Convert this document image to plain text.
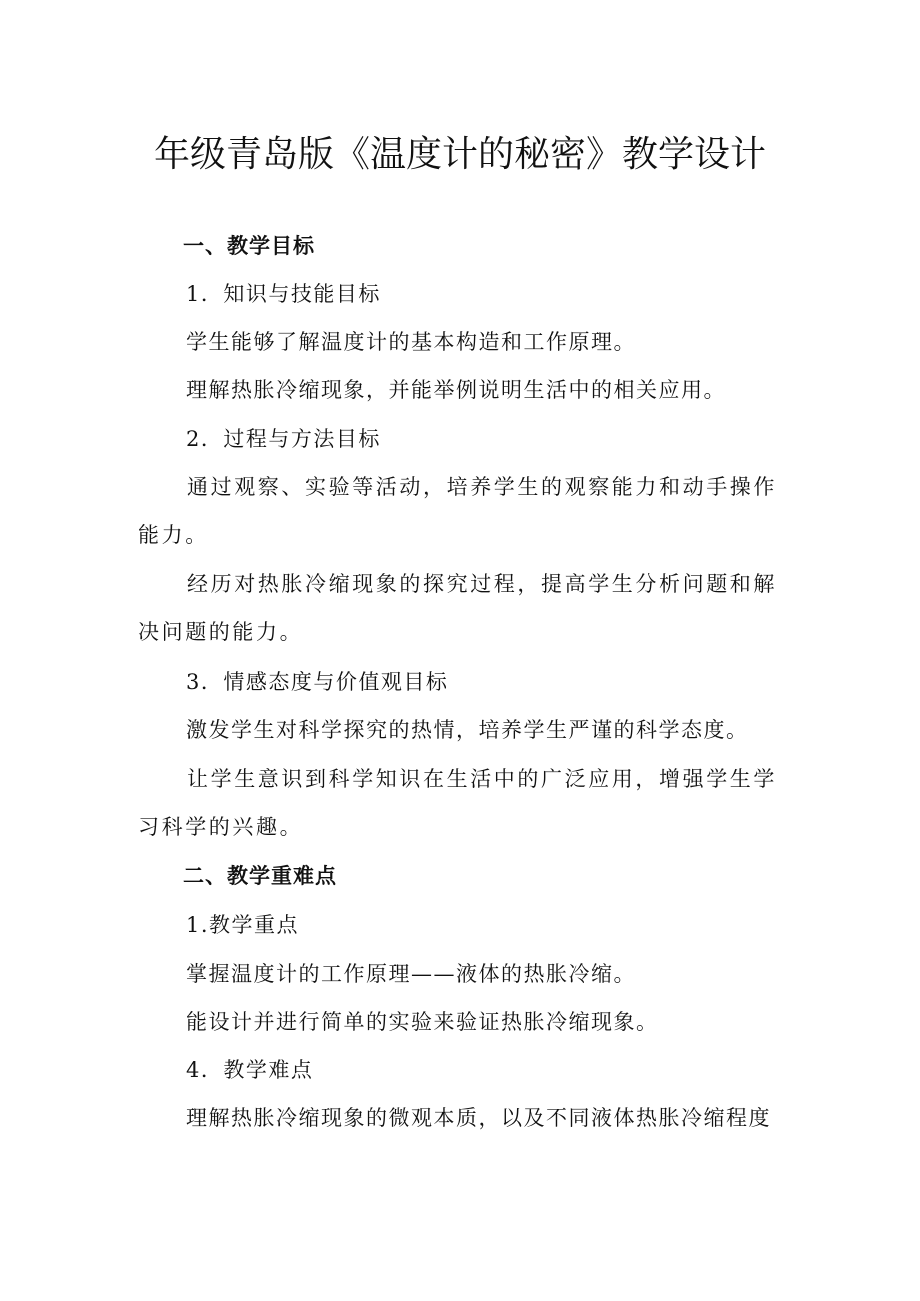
年级青岛版《温度计的秘密》教学设计
一、教学目标
1．知识与技能目标
学生能够了解温度计的基本构造和工作原理。
理解热胀冷缩现象，并能举例说明生活中的相关应用。
2．过程与方法目标
通过观察、实验等活动，培养学生的观察能力和动手操作能力。
经历对热胀冷缩现象的探究过程，提高学生分析问题和解决问题的能力。
3．情感态度与价值观目标
激发学生对科学探究的热情，培养学生严谨的科学态度。
让学生意识到科学知识在生活中的广泛应用，增强学生学习科学的兴趣。
二、教学重难点
1.教学重点
掌握温度计的工作原理——液体的热胀冷缩。
能设计并进行简单的实验来验证热胀冷缩现象。
4．教学难点
理解热胀冷缩现象的微观本质，以及不同液体热胀冷缩程度
